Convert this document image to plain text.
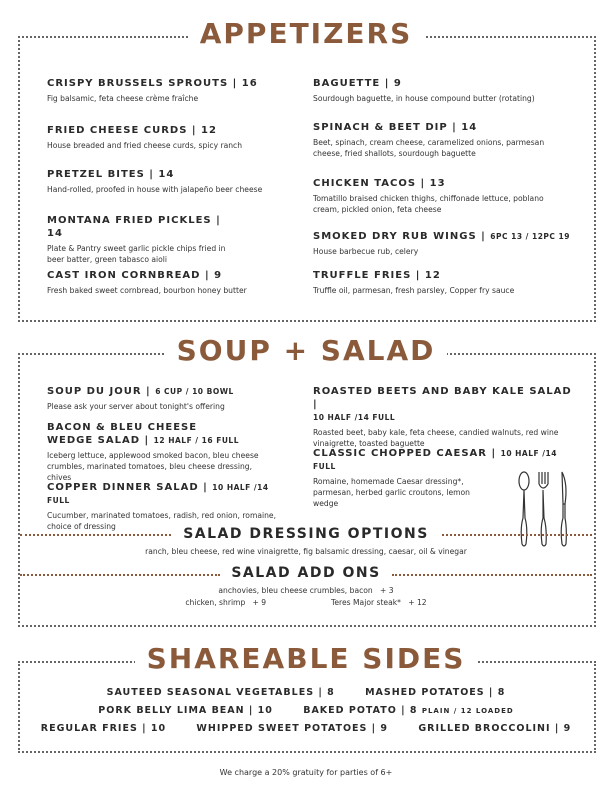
APPETIZERS
CRISPY BRUSSELS SPROUTS | 16
Fig balsamic, feta cheese crème fraîche
FRIED CHEESE CURDS | 12
House breaded and fried cheese curds, spicy ranch
PRETZEL BITES | 14
Hand-rolled, proofed in house with jalapeño beer cheese
MONTANA FRIED PICKLES | 14
Plate & Pantry sweet garlic pickle chips fried in beer batter, green tabasco aioli
CAST IRON CORNBREAD | 9
Fresh baked sweet cornbread, bourbon honey butter
BAGUETTE | 9
Sourdough baguette, in house compound butter (rotating)
SPINACH & BEET DIP | 14
Beet, spinach, cream cheese, caramelized onions, parmesan cheese, fried shallots, sourdough baguette
CHICKEN TACOS | 13
Tomatillo braised chicken thighs, chiffonade lettuce, poblano cream, pickled onion, feta cheese
SMOKED DRY RUB WINGS | 6PC 13 / 12PC 19
House barbecue rub, celery
TRUFFLE FRIES | 12
Truffle oil, parmesan, fresh parsley, Copper fry sauce
SOUP + SALAD
SOUP DU JOUR | 6 CUP / 10 BOWL
Please ask your server about tonight's offering
BACON & BLEU CHEESE
WEDGE SALAD | 12 HALF / 16 FULL
Iceberg lettuce, applewood smoked bacon, bleu cheese crumbles, marinated tomatoes, bleu cheese dressing, chives
COPPER DINNER SALAD | 10 HALF /14 FULL
Cucumber, marinated tomatoes, radish, red onion, romaine, choice of dressing
ROASTED BEETS AND BABY KALE SALAD |
10 HALF /14 FULL
Roasted beet, baby kale, feta cheese, candied walnuts, red wine vinaigrette, toasted baguette
CLASSIC CHOPPED CAESAR | 10 HALF /14 FULL
Romaine, homemade Caesar dressing*, parmesan, herbed garlic croutons, lemon wedge
SALAD DRESSING OPTIONS
ranch, bleu cheese, red wine vinaigrette, fig balsamic dressing, caesar, oil & vinegar
SALAD ADD ONS
anchovies, bleu cheese crumbles, bacon + 3
chicken, shrimp + 9	Teres Major steak* + 12
SHAREABLE SIDES
SAUTEED SEASONAL VEGETABLES | 8	MASHED POTATOES | 8
PORK BELLY LIMA BEAN | 10	BAKED POTATO | 8 PLAIN / 12 LOADED
REGULAR FRIES | 10	WHIPPED SWEET POTATOES | 9	GRILLED BROCCOLINI | 9
We charge a 20% gratuity for parties of 6+
